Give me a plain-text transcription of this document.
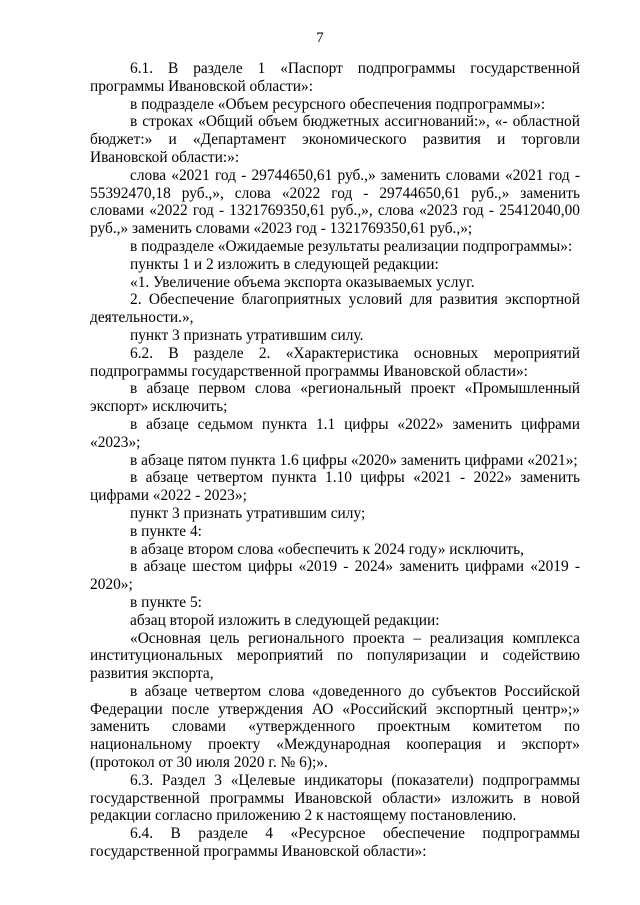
7

6.1. В разделе 1 «Паспорт подпрограммы государственной программы Ивановской области»:

в подразделе «Объем ресурсного обеспечения подпрограммы»:

в строках «Общий объем бюджетных ассигнований:», «- областной бюджет:» и «Департамент экономического развития и торговли Ивановской области:»:

слова «2021 год - 29744650,61 руб.,» заменить словами «2021 год - 55392470,18 руб.,», слова «2022 год - 29744650,61 руб.,» заменить словами «2022 год - 1321769350,61 руб.,», слова «2023 год - 25412040,00 руб.,» заменить словами «2023 год - 1321769350,61 руб.,»;

в подразделе «Ожидаемые результаты реализации подпрограммы»:

пункты 1 и 2 изложить в следующей редакции:

«1. Увеличение объема экспорта оказываемых услуг.

2. Обеспечение благоприятных условий для развития экспортной деятельности.»,

пункт 3 признать утратившим силу.

6.2. В разделе 2. «Характеристика основных мероприятий подпрограммы государственной программы Ивановской области»:

в абзаце первом слова «региональный проект «Промышленный экспорт» исключить;

в абзаце седьмом пункта 1.1 цифры «2022» заменить цифрами «2023»;

в абзаце пятом пункта 1.6 цифры «2020» заменить цифрами «2021»;

в абзаце четвертом пункта 1.10 цифры «2021 - 2022» заменить цифрами «2022 - 2023»;

пункт 3 признать утратившим силу;

в пункте 4:

в абзаце втором слова «обеспечить к 2024 году» исключить,

в абзаце шестом цифры «2019 - 2024» заменить цифрами «2019 - 2020»;

в пункте 5:

абзац второй изложить в следующей редакции:

«Основная цель регионального проекта – реализация комплекса институциональных мероприятий по популяризации и содействию развития экспорта,

в абзаце четвертом слова «доведенного до субъектов Российской Федерации после утверждения АО «Российский экспортный центр»;» заменить словами «утвержденного проектным комитетом по национальному проекту «Международная кооперация и экспорт» (протокол от 30 июля 2020 г. № 6);».

6.3. Раздел 3 «Целевые индикаторы (показатели) подпрограммы государственной программы Ивановской области» изложить в новой редакции согласно приложению 2 к настоящему постановлению.

6.4. В разделе 4 «Ресурсное обеспечение подпрограммы государственной программы Ивановской области»:
